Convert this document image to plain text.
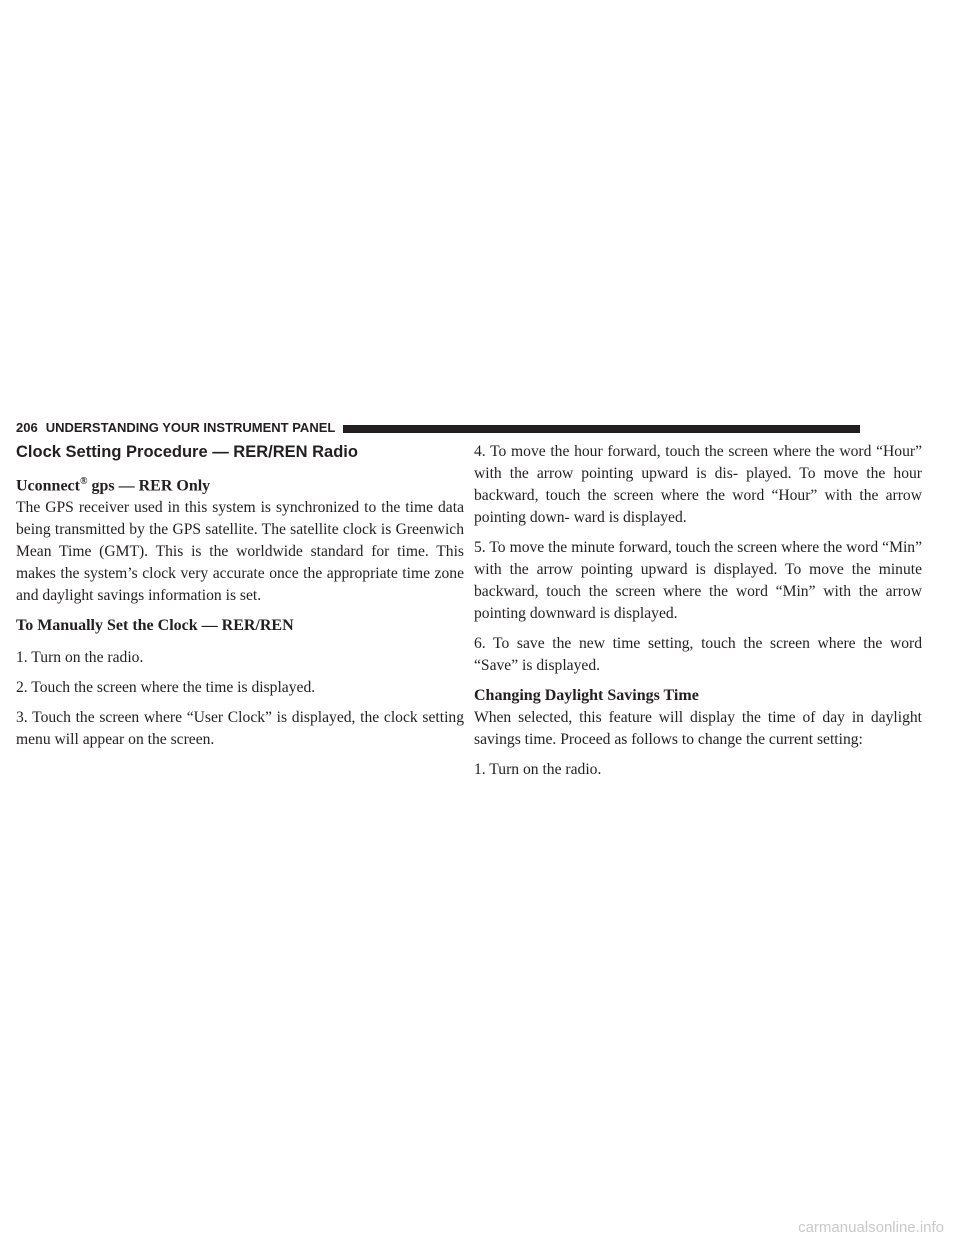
206 UNDERSTANDING YOUR INSTRUMENT PANEL
Clock Setting Procedure — RER/REN Radio
Uconnect® gps — RER Only

The GPS receiver used in this system is synchronized to the time data being transmitted by the GPS satellite. The satellite clock is Greenwich Mean Time (GMT). This is the worldwide standard for time. This makes the system’s clock very accurate once the appropriate time zone and daylight savings information is set.

To Manually Set the Clock — RER/REN

1. Turn on the radio.

2. Touch the screen where the time is displayed.

3. Touch the screen where “User Clock” is displayed, the clock setting menu will appear on the screen.

4. To move the hour forward, touch the screen where the word “Hour” with the arrow pointing upward is dis- played. To move the hour backward, touch the screen where the word “Hour” with the arrow pointing down- ward is displayed.

5. To move the minute forward, touch the screen where the word “Min” with the arrow pointing upward is displayed. To move the minute backward, touch the screen where the word “Min” with the arrow pointing downward is displayed.

6. To save the new time setting, touch the screen where the word “Save” is displayed.

Changing Daylight Savings Time

When selected, this feature will display the time of day in daylight savings time. Proceed as follows to change the current setting:

1. Turn on the radio.

carmanualsonline.info
